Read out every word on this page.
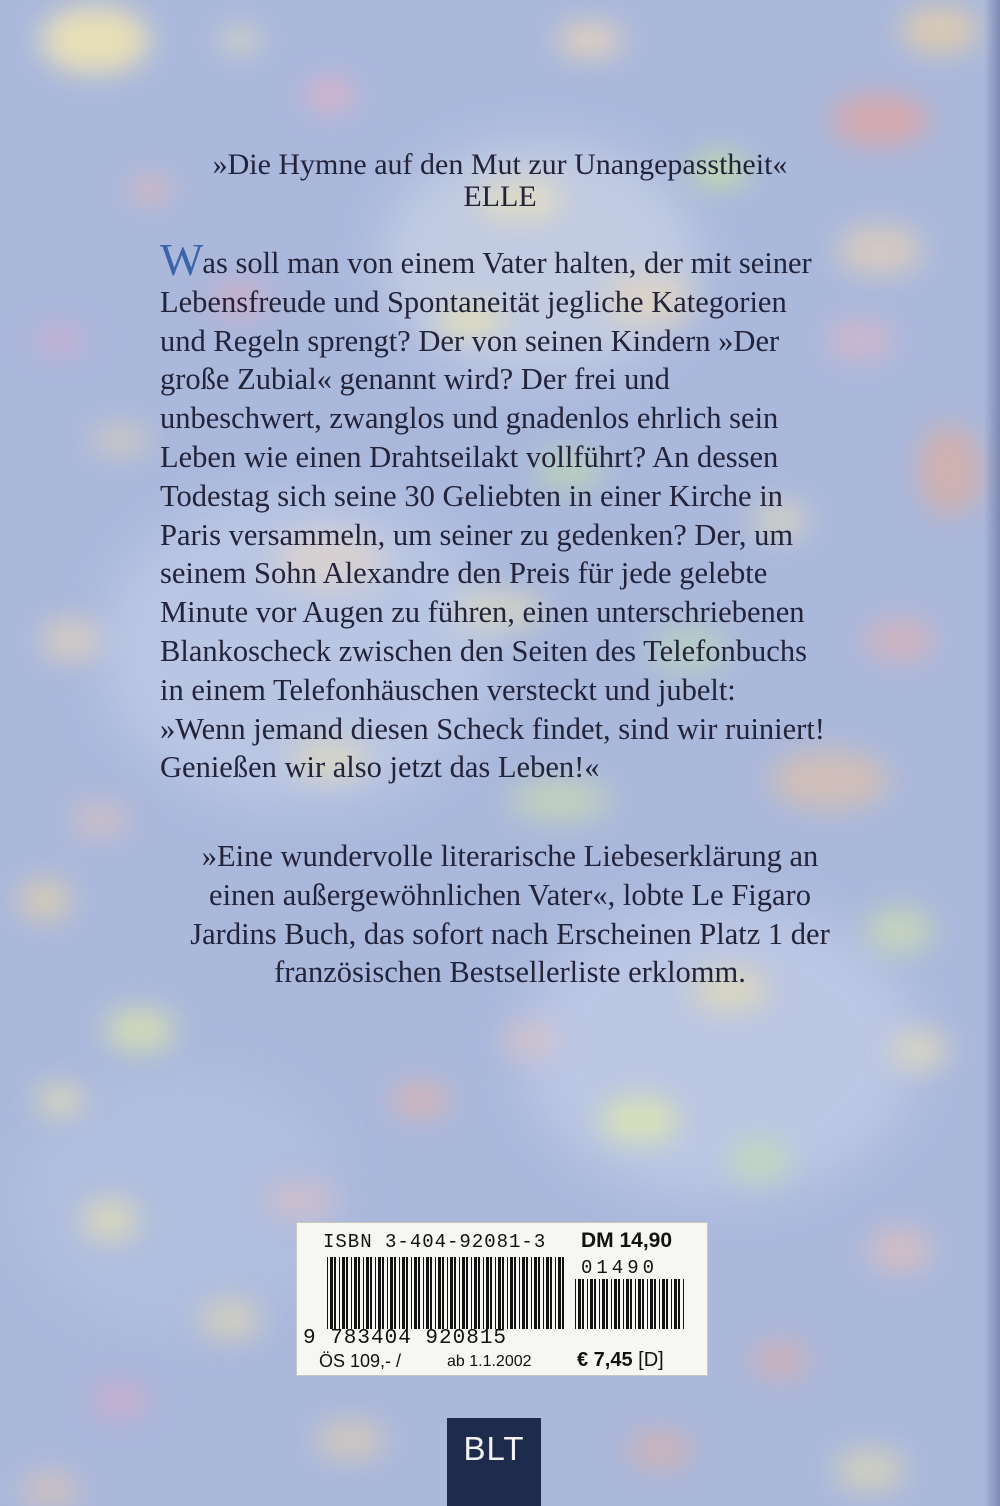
»Die Hymne auf den Mut zur Unangepasstheit«
ELLE
Was soll man von einem Vater halten, der mit seiner
Lebensfreude und Spontaneität jegliche Kategorien
und Regeln sprengt? Der von seinen Kindern »Der
große Zubial« genannt wird? Der frei und
unbeschwert, zwanglos und gnadenlos ehrlich sein
Leben wie einen Drahtseilakt vollführt? An dessen
Todestag sich seine 30 Geliebten in einer Kirche in
Paris versammeln, um seiner zu gedenken? Der, um
seinem Sohn Alexandre den Preis für jede gelebte
Minute vor Augen zu führen, einen unterschriebenen
Blankoscheck zwischen den Seiten des Telefonbuchs
in einem Telefonhäuschen versteckt und jubelt:
»Wenn jemand diesen Scheck findet, sind wir ruiniert!
Genießen wir also jetzt das Leben!«
»Eine wundervolle literarische Liebeserklärung an
einen außergewöhnlichen Vater«, lobte Le Figaro
Jardins Buch, das sofort nach Erscheinen Platz 1 der
französischen Bestsellerliste erklomm.
ISBN 3-404-92081-3 DM 14,90
01490
9 783404 920815
ÖS 109,- /	ab 1.1.2002 € 7,45 [D]
BLT
